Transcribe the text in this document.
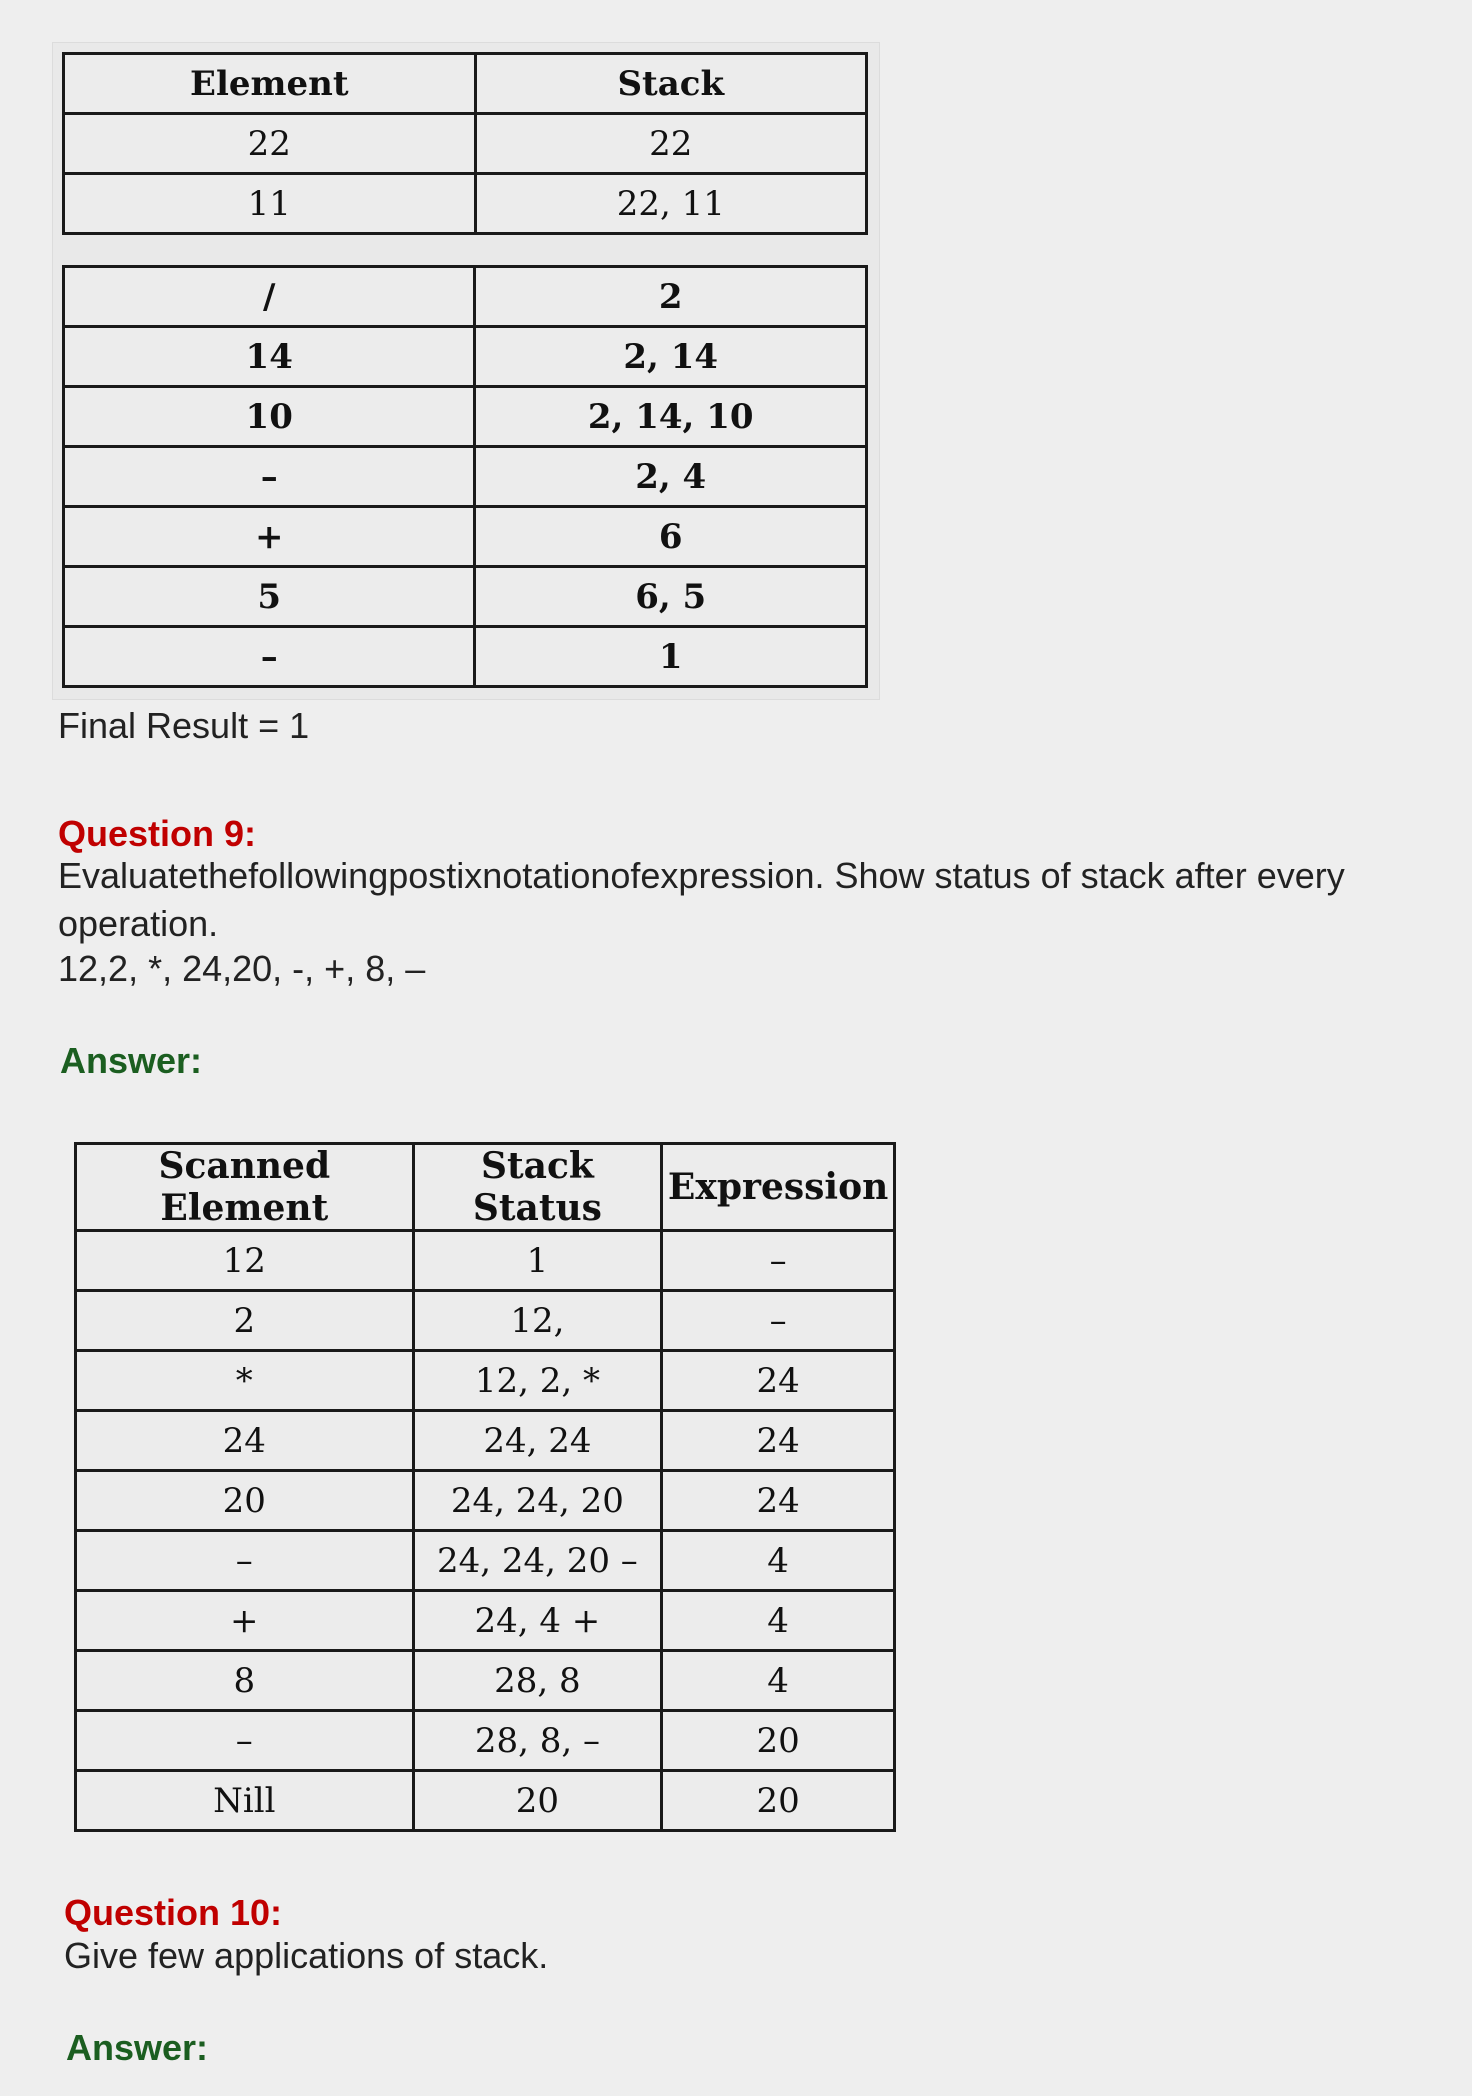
Element	Stack
22	22
11	22, 11
/	2
14	2, 14
10	2, 14, 10
–	2, 4
+	6
5	6, 5
–	1
Final Result = 1
Question 9:
Evaluatethefollowingpostixnotationofexpression. Show status of stack after every
operation.
12,2, *, 24,20, -, +, 8, –
Answer:
Scanned Element	Stack Status	Expression
12	1	–
2	12,	–
*	12, 2, *	24
24	24, 24	24
20	24, 24, 20	24
–	24, 24, 20 –	4
+	24, 4 +	4
8	28, 8	4
–	28, 8, –	20
Nill	20	20
Question 10:
Give few applications of stack.
Answer:
